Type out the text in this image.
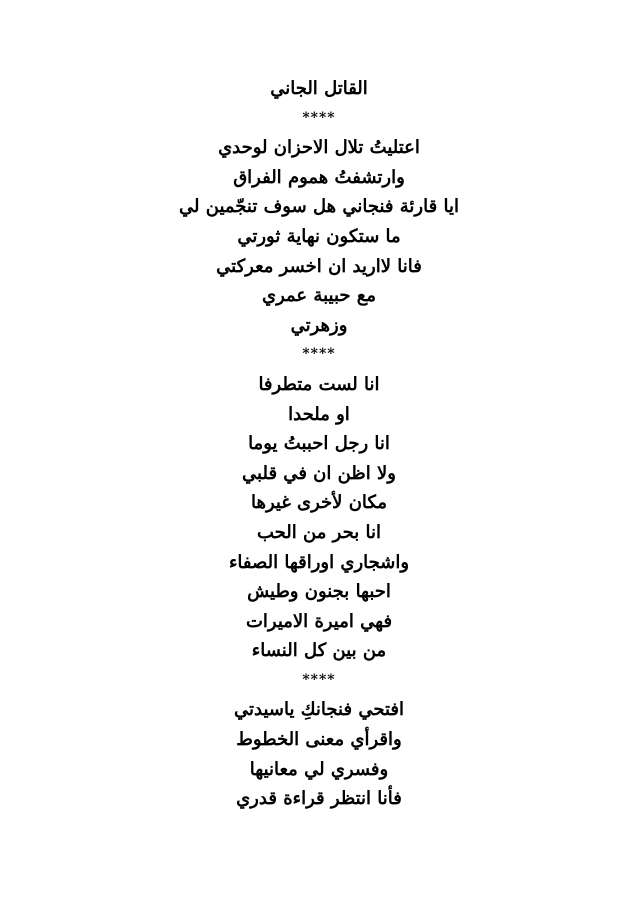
القاتل الجاني
****
اعتليتُ تلال الاحزان لوحدي
وارتشفتُ هموم الفراق
ايا قارئة فنجاني هل سوف تنجّمين لي
ما ستكون نهاية ثورتي
فانا لااريد ان اخسر معركتي
مع حبيبة عمري
وزهرتي
****
انا لست متطرفا
او ملحدا
انا رجل احببتُ يوما
ولا اظن ان في قلبي
مكان لأخرى غيرها
انا بحر من الحب
واشجاري اوراقها الصفاء
احبها بجنون وطيش
فهي اميرة الاميرات
من بين كل النساء
****
افتحي فنجانكِ ياسيدتي
واقرأي معنى الخطوط
وفسري لي معانيها
فأنا انتظر قراءة قدري
